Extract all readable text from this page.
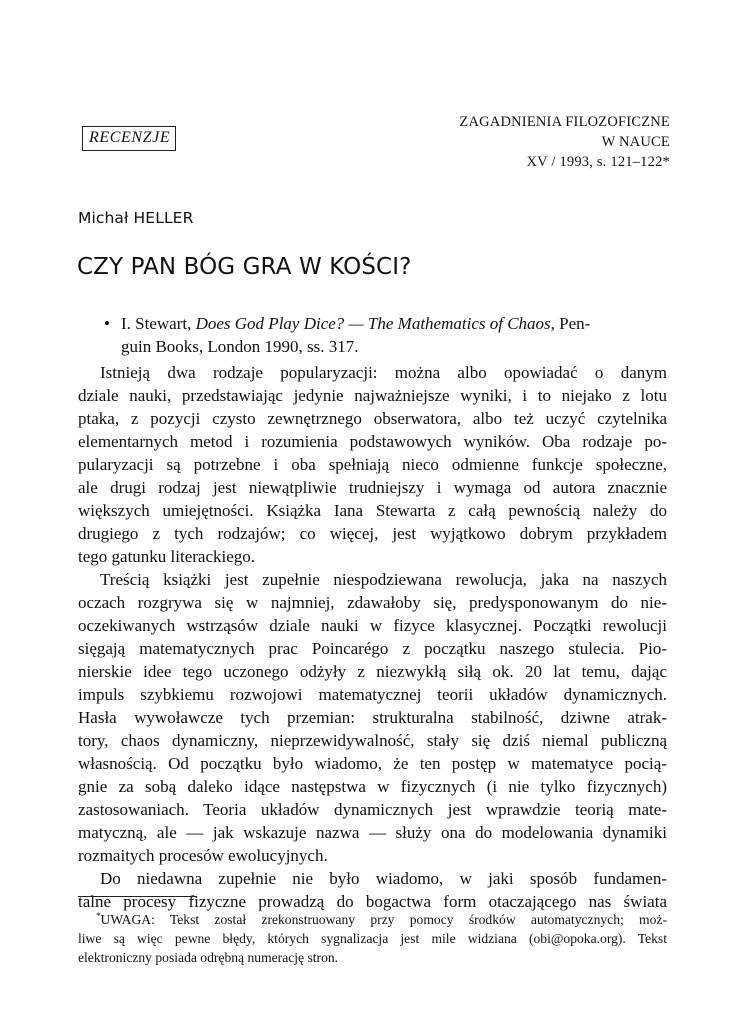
ZAGADNIENIA FILOZOFICZNE
W NAUCE
XV / 1993, s. 121–122*
RECENZJE
Michał HELLER
CZY PAN BÓG GRA W KOŚCI?
• I. Stewart, Does God Play Dice? — The Mathematics of Chaos, Pen-
guin Books, London 1990, ss. 317.
Istnieją dwa rodzaje popularyzacji: można albo opowiadać o danym
dziale nauki, przedstawiając jedynie najważniejsze wyniki, i to niejako z lotu
ptaka, z pozycji czysto zewnętrznego obserwatora, albo też uczyć czytelnika
elementarnych metod i rozumienia podstawowych wyników. Oba rodzaje po-
pularyzacji są potrzebne i oba spełniają nieco odmienne funkcje społeczne,
ale drugi rodzaj jest niewątpliwie trudniejszy i wymaga od autora znacznie
większych umiejętności. Książka Iana Stewarta z całą pewnością należy do
drugiego z tych rodzajów; co więcej, jest wyjątkowo dobrym przykładem
tego gatunku literackiego.
Treścią książki jest zupełnie niespodziewana rewolucja, jaka na naszych
oczach rozgrywa się w najmniej, zdawałoby się, predysponowanym do nie-
oczekiwanych wstrząsów dziale nauki w fizyce klasycznej. Początki rewolucji
sięgają matematycznych prac Poincarégo z początku naszego stulecia. Pio-
nierskie idee tego uczonego odżyły z niezwykłą siłą ok. 20 lat temu, dając
impuls szybkiemu rozwojowi matematycznej teorii układów dynamicznych.
Hasła wywoławcze tych przemian: strukturalna stabilność, dziwne atrak-
tory, chaos dynamiczny, nieprzewidywalność, stały się dziś niemal publiczną
własnością. Od początku było wiadomo, że ten postęp w matematyce pocią-
gnie za sobą daleko idące następstwa w fizycznych (i nie tylko fizycznych)
zastosowaniach. Teoria układów dynamicznych jest wprawdzie teorią mate-
matyczną, ale — jak wskazuje nazwa — służy ona do modelowania dynamiki
rozmaitych procesów ewolucyjnych.
Do niedawna zupełnie nie było wiadomo, w jaki sposób fundamen-
talne procesy fizyczne prowadzą do bogactwa form otaczającego nas świata
*UWAGA: Tekst został zrekonstruowany przy pomocy środków automatycznych; moż-
liwe są więc pewne błędy, których sygnalizacja jest mile widziana (obi@opoka.org). Tekst
elektroniczny posiada odrębną numerację stron.
